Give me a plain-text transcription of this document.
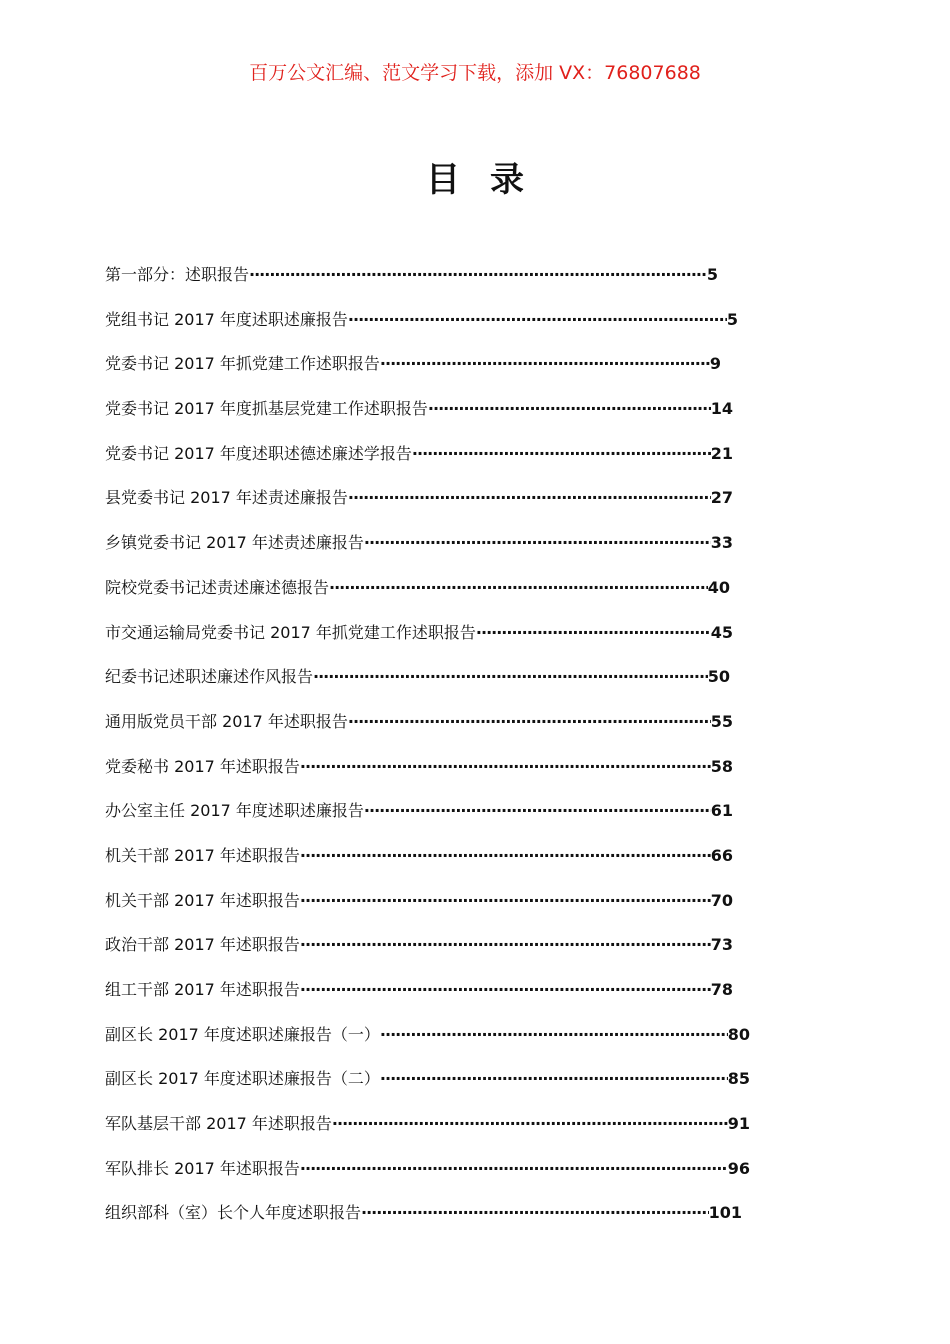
百万公文汇编、范文学习下载，添加 VX：76807688
目录
第一部分：述职报告 ·····	5
党组书记 2017 年度述职述廉报告 ·····	5
党委书记 2017 年抓党建工作述职报告 ·····	9
党委书记 2017 年度抓基层党建工作述职报告 ·····	14
党委书记 2017 年度述职述德述廉述学报告 ·····	21
县党委书记 2017 年述责述廉报告 ·····	27
乡镇党委书记 2017 年述责述廉报告 ·····	33
院校党委书记述责述廉述德报告 ·····	40
市交通运输局党委书记 2017 年抓党建工作述职报告 ·····	45
纪委书记述职述廉述作风报告 ·····	50
通用版党员干部 2017 年述职报告 ·····	55
党委秘书 2017 年述职报告 ·····	58
办公室主任 2017 年度述职述廉报告 ·····	61
机关干部 2017 年述职报告 ·····	66
机关干部 2017 年述职报告 ·····	70
政治干部 2017 年述职报告 ·····	73
组工干部 2017 年述职报告 ·····	78
副区长 2017 年度述职述廉报告（一） ·····	80
副区长 2017 年度述职述廉报告（二） ·····	85
军队基层干部 2017 年述职报告 ·····	91
军队排长 2017 年述职报告 ·····	96
组织部科（室）长个人年度述职报告 ·····	101
